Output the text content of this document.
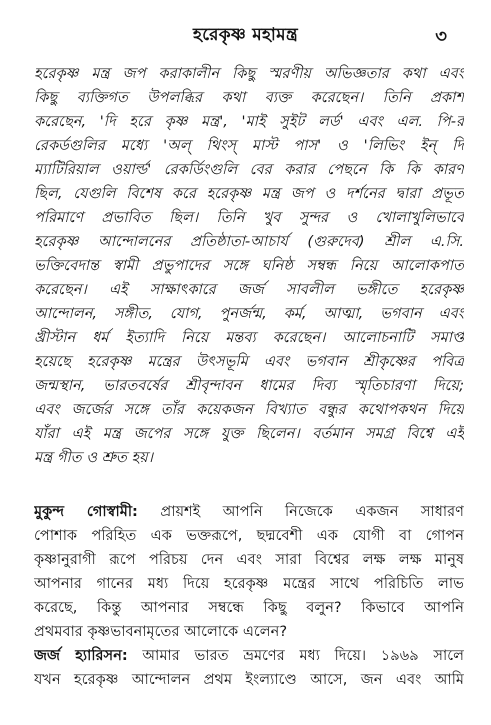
হরেকৃষ্ণ মহামন্ত্র	৩
হরেকৃষ্ণ মন্ত্র জপ করাকালীন কিছু স্মরণীয় অভিজ্ঞতার কথা এবং
কিছু ব্যক্তিগত উপলব্ধির কথা ব্যক্ত করেছেন। তিনি প্রকাশ
করেছেন, 'দি হরে কৃষ্ণ মন্ত্র', 'মাই সুইট লর্ড' এবং এল. পি-র
রেকর্ডগুলির মধ্যে 'অল্ থিংস্ মাস্ট পাস' ও 'লিভিং ইন্ দি
ম্যাটিরিয়াল ওয়ার্ল্ড' রেকর্ডিংগুলি বের করার পেছনে কি কি কারণ
ছিল, যেগুলি বিশেষ করে হরেকৃষ্ণ মন্ত্র জপ ও দর্শনের দ্বারা প্রভূত
পরিমাণে প্রভাবিত ছিল। তিনি খুব সুন্দর ও খোলাখুলিভাবে
হরেকৃষ্ণ আন্দোলনের প্রতিষ্ঠাতা-আচার্য (গুরুদেব) শ্রীল এ.সি.
ভক্তিবেদান্ত স্বামী প্রভুপাদের সঙ্গে ঘনিষ্ঠ সম্বন্ধ নিয়ে আলোকপাত
করেছেন। এই সাক্ষাৎকারে জর্জ সাবলীল ভঙ্গীতে হরেকৃষ্ণ
আন্দোলন, সঙ্গীত, যোগ, পুনর্জন্ম, কর্ম, আত্মা, ভগবান এবং
খ্রীস্টান ধর্ম ইত্যাদি নিয়ে মন্তব্য করেছেন। আলোচনাটি সমাপ্ত
হয়েছে হরেকৃষ্ণ মন্ত্রের উৎসভূমি এবং ভগবান শ্রীকৃষ্ণের পবিত্র
জন্মস্থান, ভারতবর্ষের শ্রীবৃন্দাবন ধামের দিব্য স্মৃতিচারণা দিয়ে;
এবং জর্জের সঙ্গে তাঁর কয়েকজন বিখ্যাত বন্ধুর কথোপকথন দিয়ে
যাঁরা এই মন্ত্র জপের সঙ্গে যুক্ত ছিলেন। বর্তমান সমগ্র বিশ্বে এই
মন্ত্র গীত ও শ্রুত হয়।
মুকুন্দ গোস্বামী: প্রায়শই আপনি নিজেকে একজন সাধারণ
পোশাক পরিহিত এক ভক্তরূপে, ছদ্মবেশী এক যোগী বা গোপন
কৃষ্ণানুরাগী রূপে পরিচয় দেন এবং সারা বিশ্বের লক্ষ লক্ষ মানুষ
আপনার গানের মধ্য দিয়ে হরেকৃষ্ণ মন্ত্রের সাথে পরিচিতি লাভ
করেছে, কিন্তু আপনার সম্বন্ধে কিছু বলুন? কিভাবে আপনি
প্রথমবার কৃষ্ণভাবনামৃতের আলোকে এলেন?
জর্জ হ্যারিসন: আমার ভারত ভ্রমণের মধ্য দিয়ে। ১৯৬৯ সালে
যখন হরেকৃষ্ণ আন্দোলন প্রথম ইংল্যাণ্ডে আসে, জন এবং আমি
